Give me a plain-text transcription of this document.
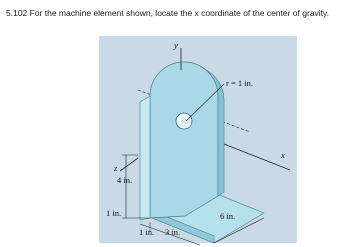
5.102 For the machine element shown, locate the x coordinate of the center of gravity.
y
x
z
r = 1 in.
4 in.
1 in.
1 in. 3 in.
6 in.
